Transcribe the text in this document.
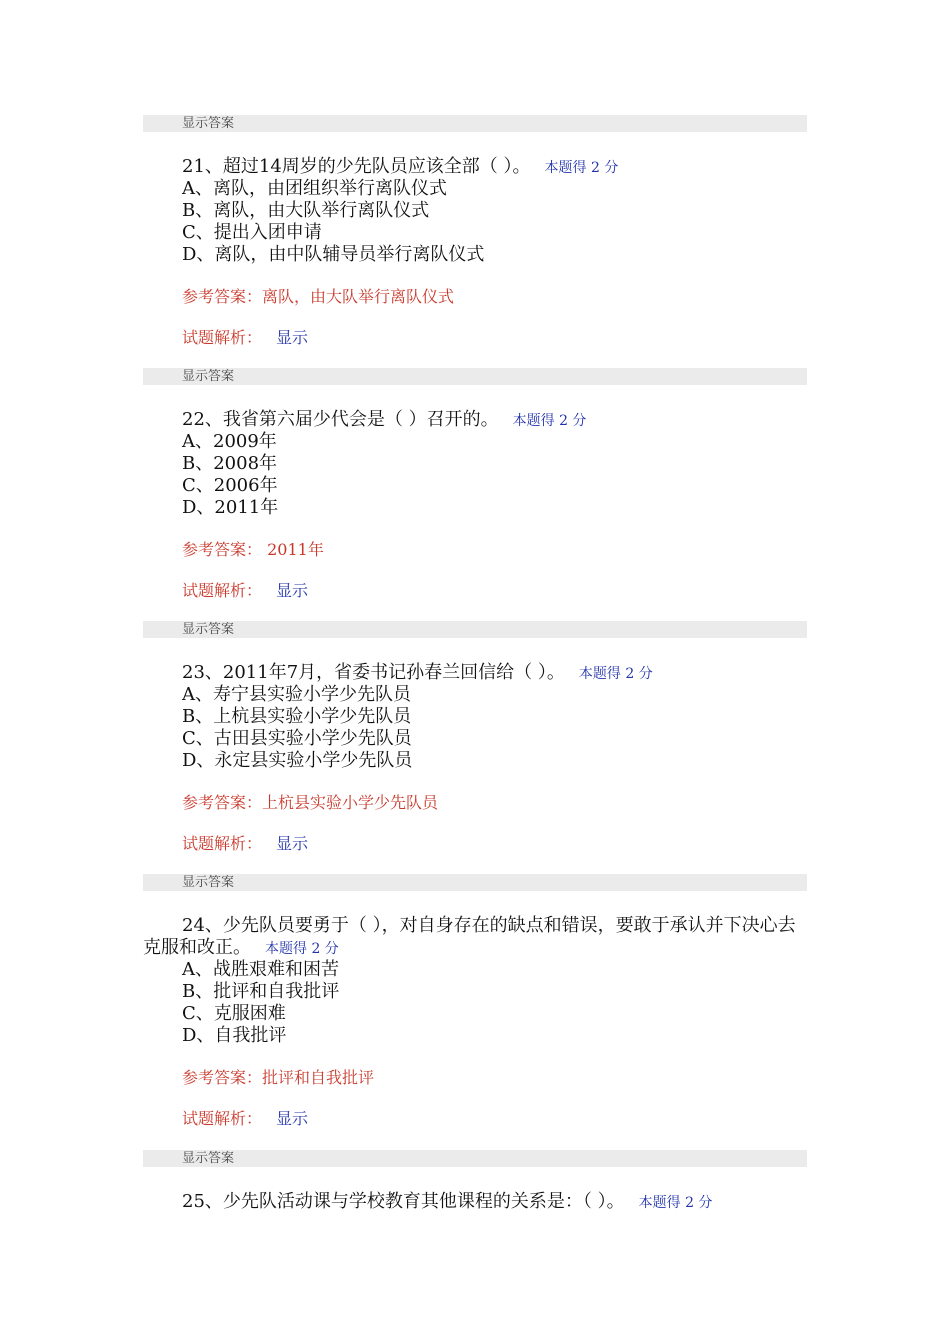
显示答案
21、超过14周岁的少先队员应该全部（ ）。 本题得 2 分
A、离队，由团组织举行离队仪式
B、离队，由大队举行离队仪式
C、提出入团申请
D、离队，由中队辅导员举行离队仪式
参考答案：离队，由大队举行离队仪式
试题解析： 显示
显示答案
22、我省第六届少代会是（ ）召开的。 本题得 2 分
A、2009年
B、2008年
C、2006年
D、2011年
参考答案： 2011年
试题解析： 显示
显示答案
23、2011年7月，省委书记孙春兰回信给（ ）。 本题得 2 分
A、寿宁县实验小学少先队员
B、上杭县实验小学少先队员
C、古田县实验小学少先队员
D、永定县实验小学少先队员
参考答案：上杭县实验小学少先队员
试题解析： 显示
显示答案
24、少先队员要勇于（ ），对自身存在的缺点和错误，要敢于承认并下决心去克服和改正。 本题得 2 分
A、战胜艰难和困苦
B、批评和自我批评
C、克服困难
D、自我批评
参考答案：批评和自我批评
试题解析： 显示
显示答案
25、少先队活动课与学校教育其他课程的关系是：（ ）。 本题得 2 分
